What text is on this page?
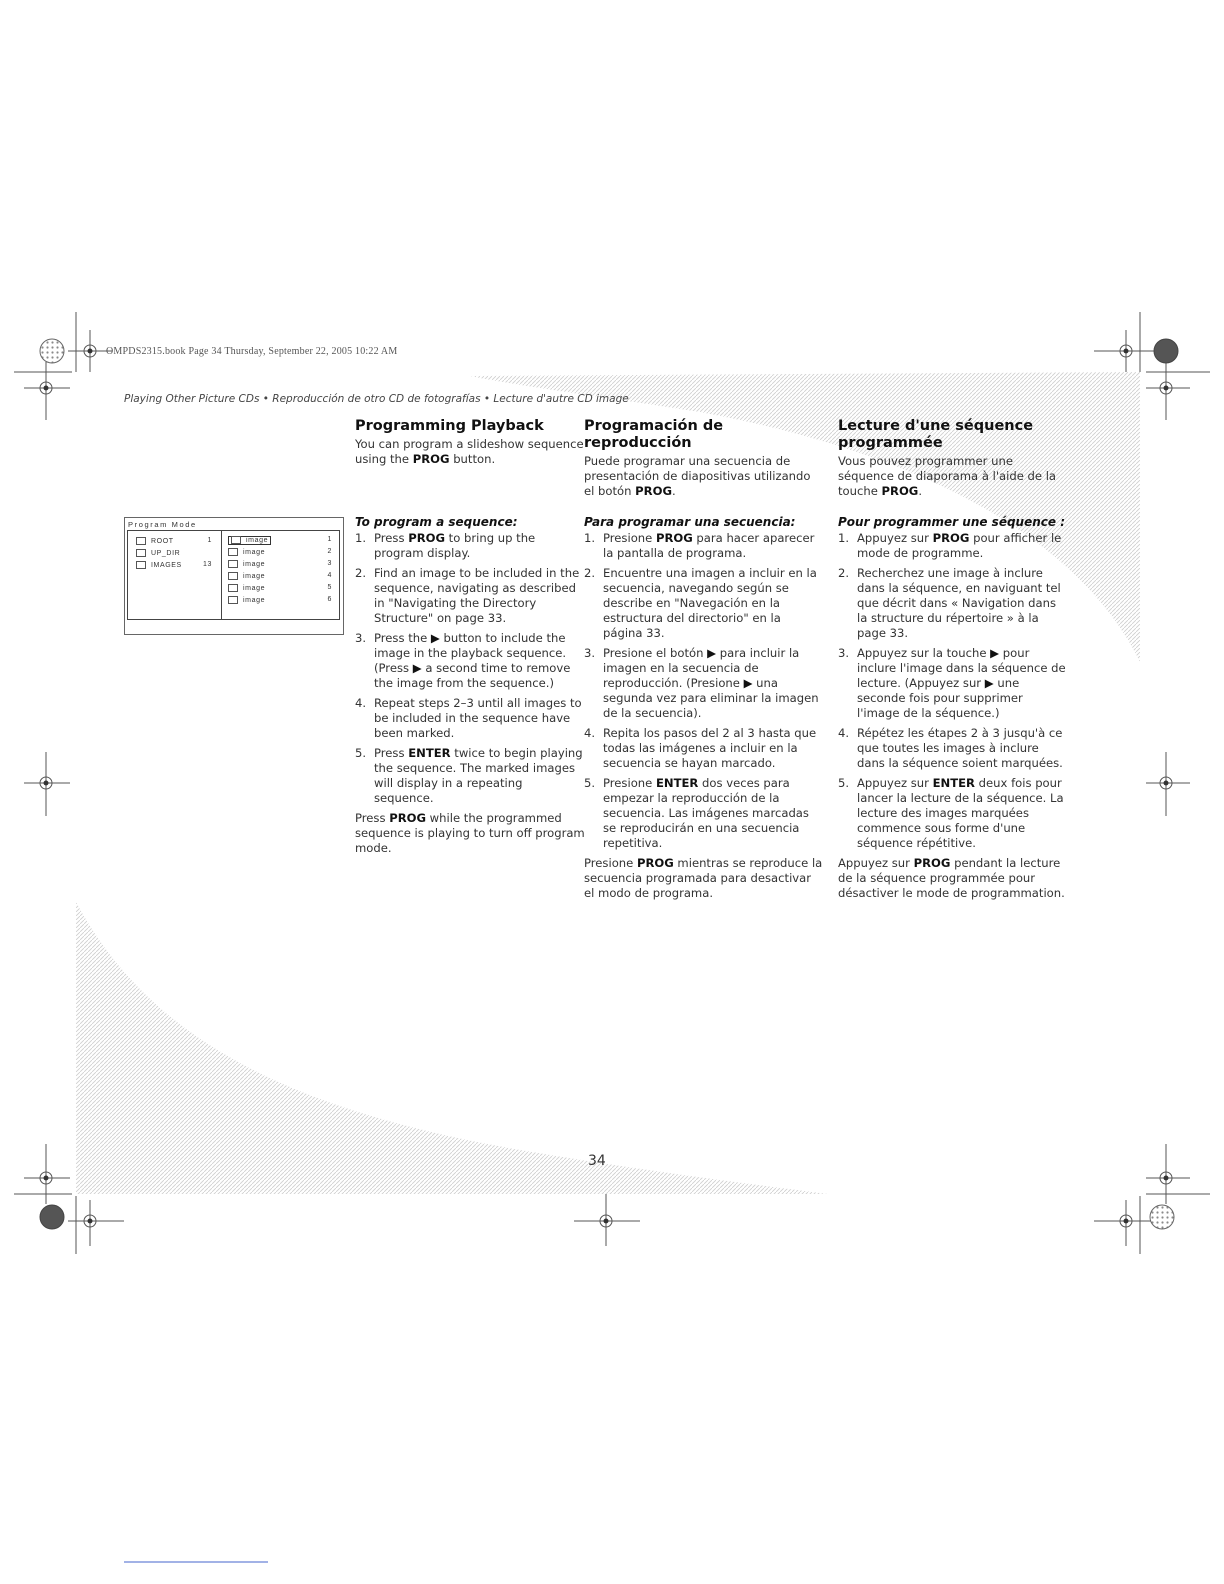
OMPDS2315.book Page 34 Thursday, September 22, 2005 10:22 AM
Playing Other Picture CDs • Reproducción de otro CD de fotografías • Lecture d'autre CD image
Program Mode
ROOT	1
UP_DIR
IMAGES	13
image	1
image	2
image	3
image	4
image	5
image	6
Programming Playback

You can program a slideshow sequence using the PROG button.

To program a sequence:
1. Press PROG to bring up the program display.
2. Find an image to be included in the sequence, navigating as described in "Navigating the Directory Structure" on page 33.
3. Press the ▶ button to include the image in the playback sequence. (Press ▶ a second time to remove the image from the sequence.)
4. Repeat steps 2–3 until all images to be included in the sequence have been marked.
5. Press ENTER twice to begin playing the sequence. The marked images will display in a repeating sequence.

Press PROG while the programmed sequence is playing to turn off program mode.

Programación de reproducción

Puede programar una secuencia de presentación de diapositivas utilizando el botón PROG.

Para programar una secuencia:
1. Presione PROG para hacer aparecer la pantalla de programa.
2. Encuentre una imagen a incluir en la secuencia, navegando según se describe en "Navegación en la estructura del directorio" en la página 33.
3. Presione el botón ▶ para incluir la imagen en la secuencia de reproducción. (Presione ▶ una segunda vez para eliminar la imagen de la secuencia).
4. Repita los pasos del 2 al 3 hasta que todas las imágenes a incluir en la secuencia se hayan marcado.
5. Presione ENTER dos veces para empezar la reproducción de la secuencia. Las imágenes marcadas se reproducirán en una secuencia repetitiva.

Presione PROG mientras se reproduce la secuencia programada para desactivar el modo de programa.

Lecture d'une séquence programmée

Vous pouvez programmer une séquence de diaporama à l'aide de la touche PROG.

Pour programmer une séquence :
1. Appuyez sur PROG pour afficher le mode de programme.
2. Recherchez une image à inclure dans la séquence, en naviguant tel que décrit dans « Navigation dans la structure du répertoire » à la page 33.
3. Appuyez sur la touche ▶ pour inclure l'image dans la séquence de lecture. (Appuyez sur ▶ une seconde fois pour supprimer l'image de la séquence.)
4. Répétez les étapes 2 à 3 jusqu'à ce que toutes les images à inclure dans la séquence soient marquées.
5. Appuyez sur ENTER deux fois pour lancer la lecture de la séquence. La lecture des images marquées commence sous forme d'une séquence répétitive.

Appuyez sur PROG pendant la lecture de la séquence programmée pour désactiver le mode de programmation.

34
